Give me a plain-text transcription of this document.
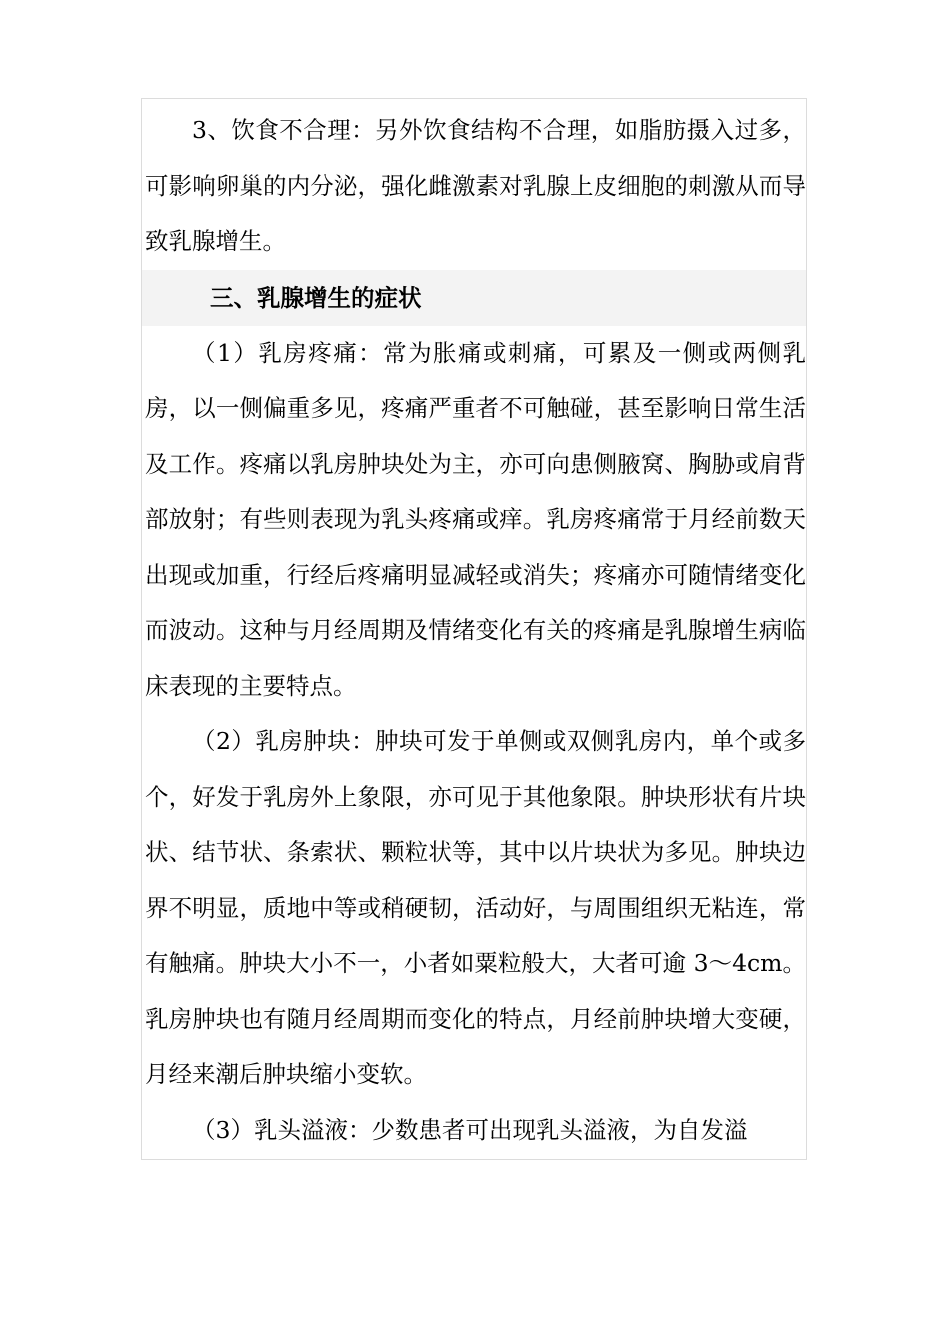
3、饮食不合理：另外饮食结构不合理，如脂肪摄入过多，可影响卵巢的内分泌，强化雌激素对乳腺上皮细胞的刺激从而导致乳腺增生。

三、乳腺增生的症状

（1）乳房疼痛：常为胀痛或刺痛，可累及一侧或两侧乳房，以一侧偏重多见，疼痛严重者不可触碰，甚至影响日常生活及工作。疼痛以乳房肿块处为主，亦可向患侧腋窝、胸胁或肩背部放射；有些则表现为乳头疼痛或痒。乳房疼痛常于月经前数天出现或加重，行经后疼痛明显减轻或消失；疼痛亦可随情绪变化而波动。这种与月经周期及情绪变化有关的疼痛是乳腺增生病临床表现的主要特点。

（2）乳房肿块：肿块可发于单侧或双侧乳房内，单个或多个，好发于乳房外上象限，亦可见于其他象限。肿块形状有片块状、结节状、条索状、颗粒状等，其中以片块状为多见。肿块边界不明显，质地中等或稍硬韧，活动好，与周围组织无粘连，常有触痛。肿块大小不一，小者如粟粒般大，大者可逾 3～4cm。乳房肿块也有随月经周期而变化的特点，月经前肿块增大变硬，月经来潮后肿块缩小变软。

（3）乳头溢液：少数患者可出现乳头溢液，为自发溢
